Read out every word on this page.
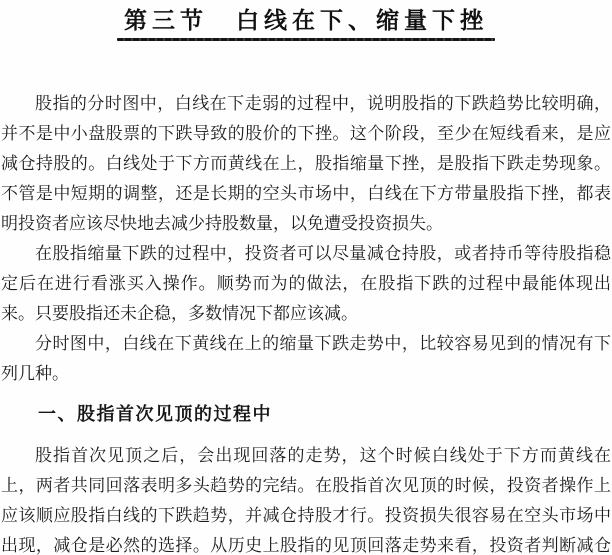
第三节　白线在下、缩量下挫
股指的分时图中，白线在下走弱的过程中，说明股指的下跌趋势比较明确，
并不是中小盘股票的下跌导致的股价的下挫。这个阶段，至少在短线看来，是应
减仓持股的。白线处于下方而黄线在上，股指缩量下挫，是股指下跌走势现象。
不管是中短期的调整，还是长期的空头市场中，白线在下方带量股指下挫，都表
明投资者应该尽快地去减少持股数量，以免遭受投资损失。
在股指缩量下跌的过程中，投资者可以尽量减仓持股，或者持币等待股指稳
定后在进行看涨买入操作。顺势而为的做法，在股指下跌的过程中最能体现出
来。只要股指还未企稳，多数情况下都应该减。
分时图中，白线在下黄线在上的缩量下跌走势中，比较容易见到的情况有下
列几种。
一、股指首次见顶的过程中
股指首次见顶之后，会出现回落的走势，这个时候白线处于下方而黄线在
上，两者共同回落表明多头趋势的完结。在股指首次见顶的时候，投资者操作上
应该顺应股指白线的下跌趋势，并减仓持股才行。投资损失很容易在空头市场中
出现，减仓是必然的选择。从历史上股指的见顶回落走势来看，投资者判断减仓
